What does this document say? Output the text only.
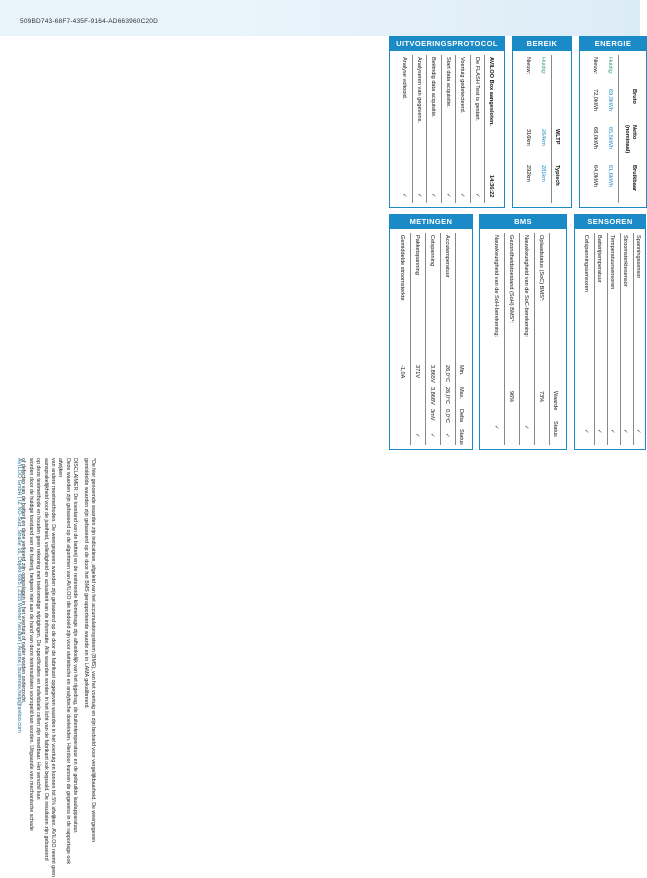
509BD743-68F7-435F-9164-AD663960C20D
*De hier genoemde waarden zijn indicatieve, afgeleid van het accumulatorsysteem (BMS), van het voertuig en zijn bedoeld voor vergelijkbaarheid. De weergegeven
gemiddelde waarden zijn gebaseerd op de door het BMS gerapporteerde waarde en in LAMA gekalibreerd.
DISCLAIMER: De toestand van de batterij en de resterende kilometrage zijn afhankelijk van het rijgedrag, de buitentemperatuur en de gebruikte laadapparatuur.
Deze waarden zijn gebaseerd op de algoritmen van AVILOO die bedoeld zijn voor statistische en analytische doeleinden. Hierdoor kunnen de gegevens in de rapportage ook afwijken
van andere meetmethoden. De weergegeven waarden zijn gebaseerd op de door de fabrikant opgegeven waarden in het voertuig en kunnen tot 5% afwijken. AVILOO neemt geen
aansprakelijkheid voor de juistheid, volledigheid en actualiteit van de informatie. Alle waarden worden in het licht van de fabrikant ook bepaald. De resultaten zijn gebaseerd
op deze testmethode en houden geen rekening met toekomstige wijzigingen. De specificaties en individuele cellen zijn meetbaar. Het verschil kan
worden door de huidige toestand van de batterij, hetgeen niet aan de hand van deze testresultaten voorspeld kan worden. Uitgaande van mechanische schade
of defecten van de batterij en deze verkeerd zijn opgeslagen in het voertuig of nader worden onderzocht.
AVILOO GmbH | IZ NÖ-Süd, Straße 16, Objekt 69/5 | 2355 Wiener Neudorf | Austria | business.help@aviloo.com
UITVOERINGSPROTOCOL
AVILOO Box aangesloten.
14:36:22
De FLASH Test is gestart.
✓
Voertuig gedetecteerd.
✓
Start data acquisitie.
✓
Beëindig data acquisitie.
✓
Analyseren van gegevens.
✓
Analyse voltooid.
✓
BEREIK
WLTP
Typisch
Huidig:
264km
281km
Nieuw:
316km
292km
ENERGIE
Bruto
Netto (nominaal)
Bruikbaar
Huidig:
69,3kWh
65,5kWh
61,6kWh
Nieuw:
72,0kWh
68,0kWh
64,0kWh
METINGEN
Min.
Max.
Delta
Status
Accutemperatuur
26,0°C
26,0°C
0,0°C
✓
Celspanning
3,865V
3,868V
3mV
✓
Pakketspanning
371V
✓
Gemiddelde stroomsterkte
-1,0A
BMS
Waarde
Status
Oplaadstatus (SoC) BMS*:
73%
Nauwkeurigheid van de SoC-berekening:
✓
Gezondheidstoestand (SoH) BMS*:
96%
Nauwkeurigheid van de SoH-berekening:
✓
SENSOREN
Spanningssensor
✓
Stroomsterktesensor
✓
Temperatuursensoren
✓
Batterijtemperatuur
✓
Celspanningssensoren
✓
